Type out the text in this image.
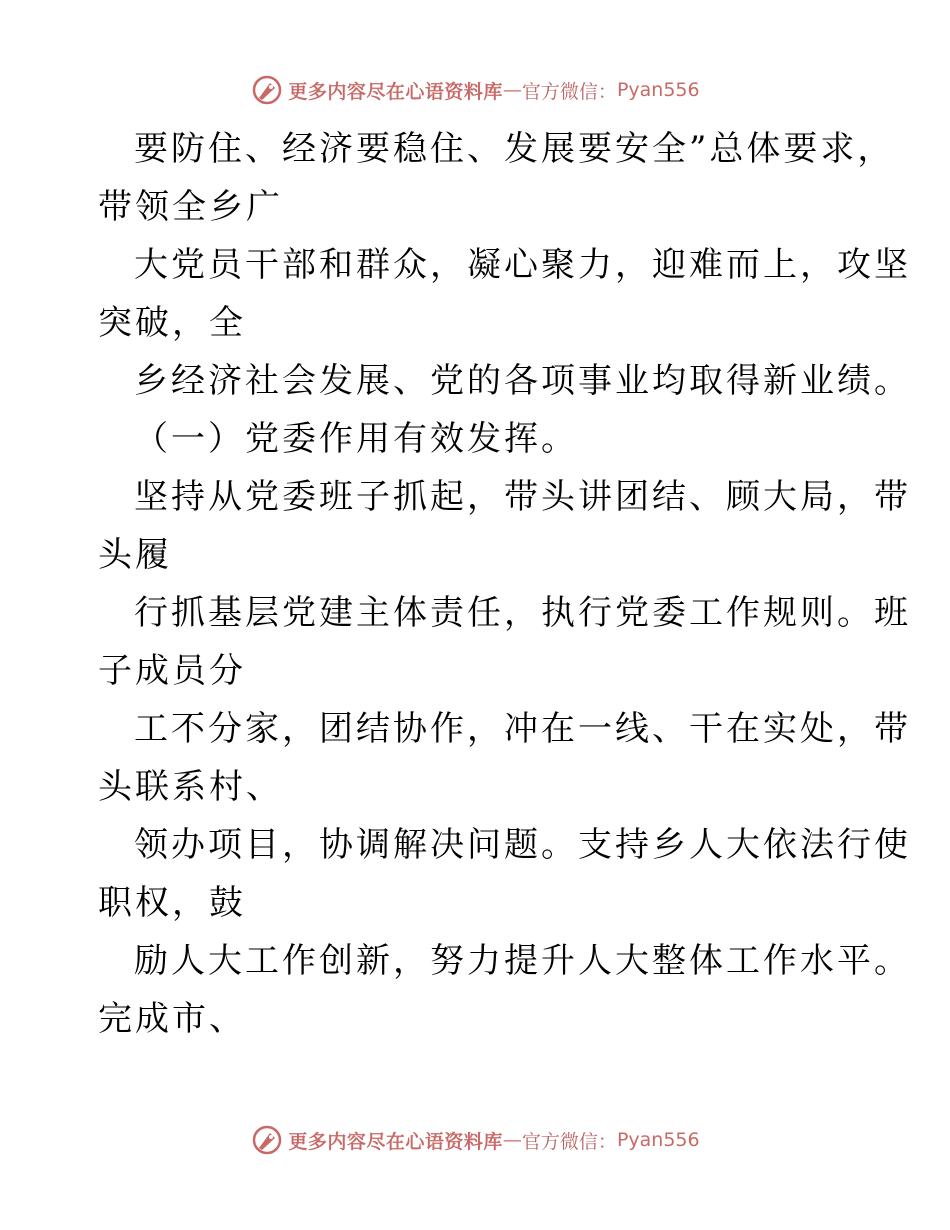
更多内容尽在心语资料库 — 官方微信： Pyan556
要防住、经济要稳住、发展要安全”总体要求，
带领全乡广
大党员干部和群众，凝心聚力，迎难而上，攻坚
突破，全
乡经济社会发展、党的各项事业均取得新业绩。
（一）党委作用有效发挥。
坚持从党委班子抓起，带头讲团结、顾大局，带
头履
行抓基层党建主体责任，执行党委工作规则。班
子成员分
工不分家，团结协作，冲在一线、干在实处，带
头联系村、
领办项目，协调解决问题。支持乡人大依法行使
职权，鼓
励人大工作创新，努力提升人大整体工作水平。
完成市、
更多内容尽在心语资料库 — 官方微信： Pyan556
